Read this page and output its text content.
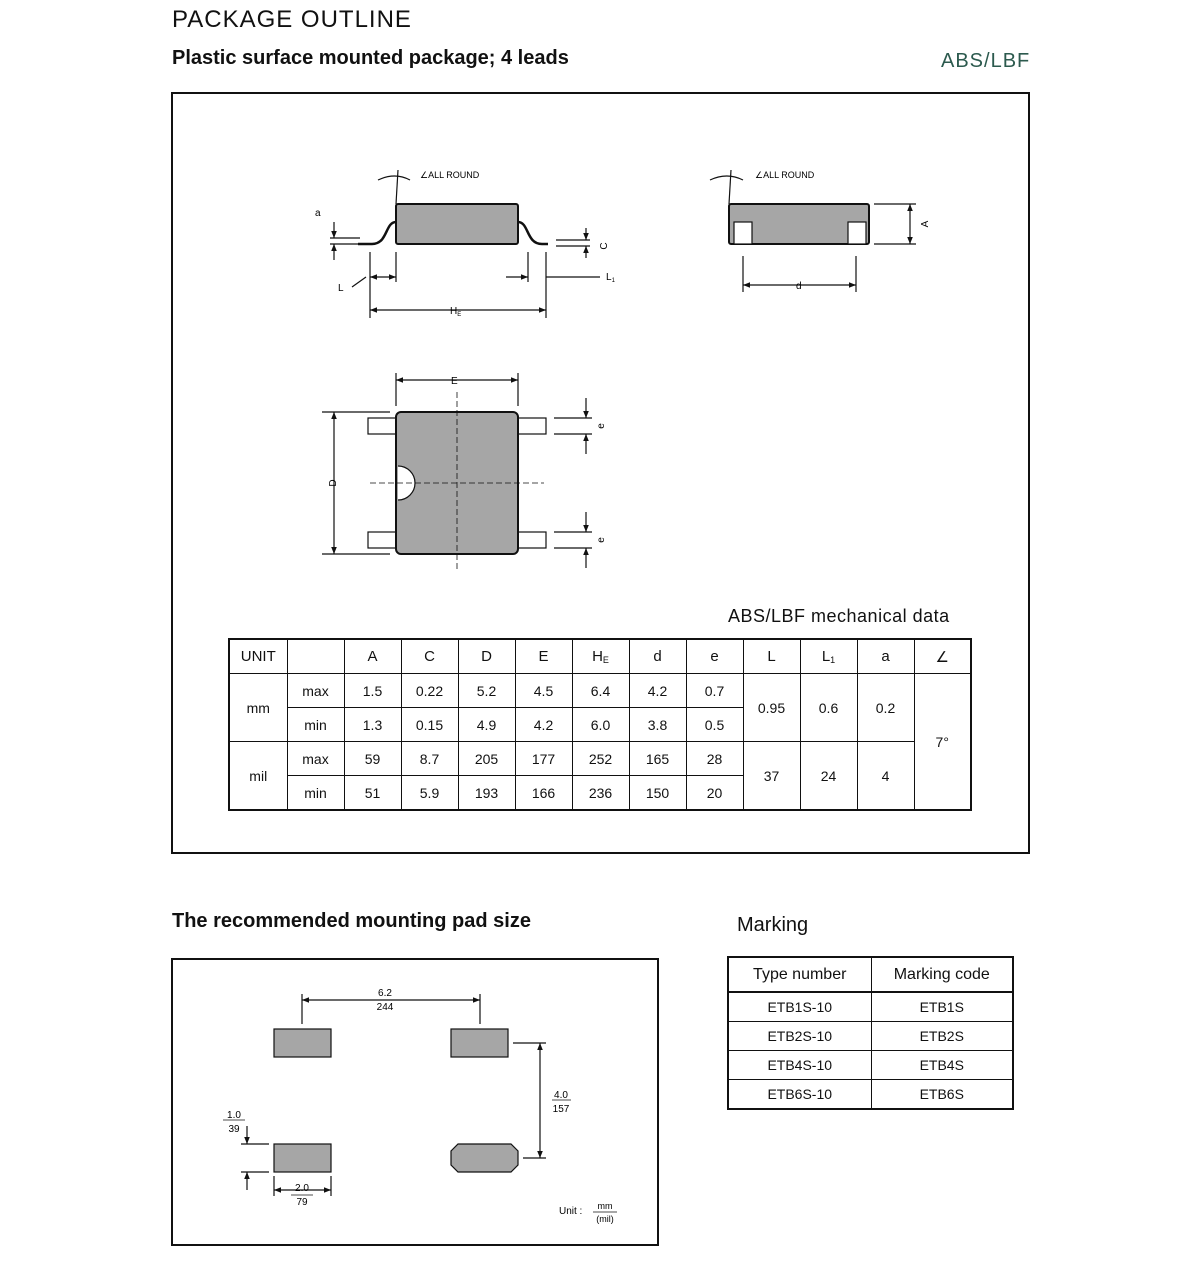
PACKAGE OUTLINE
Plastic surface mounted package; 4 leads	ABS/LBF
∠ALL ROUND
a
C
L
$L_1$
$H_E$
∠ALL ROUND
A
d
E
D
e
e
ABS/LBF mechanical data
UNIT		A	C	D	E	$H_E$	d	e	L	$L_1$	a	∠
mm	max	1.5	0.22	5.2	4.5	6.4	4.2	0.7	0.95	0.6	0.2	7°
	min	1.3	0.15	4.9	4.2	6.0	3.8	0.5				
mil	max	59	8.7	205	177	252	165	28	37	24	4	
	min	51	5.9	193	166	236	150	20				
The recommended mounting pad size
6.2
244
4.0
157
1.0
39
2.0
79
Unit : mm
(mil)
Marking
Type number	Marking code
ETB1S-10	ETB1S
ETB2S-10	ETB2S
ETB4S-10	ETB4S
ETB6S-10	ETB6S
